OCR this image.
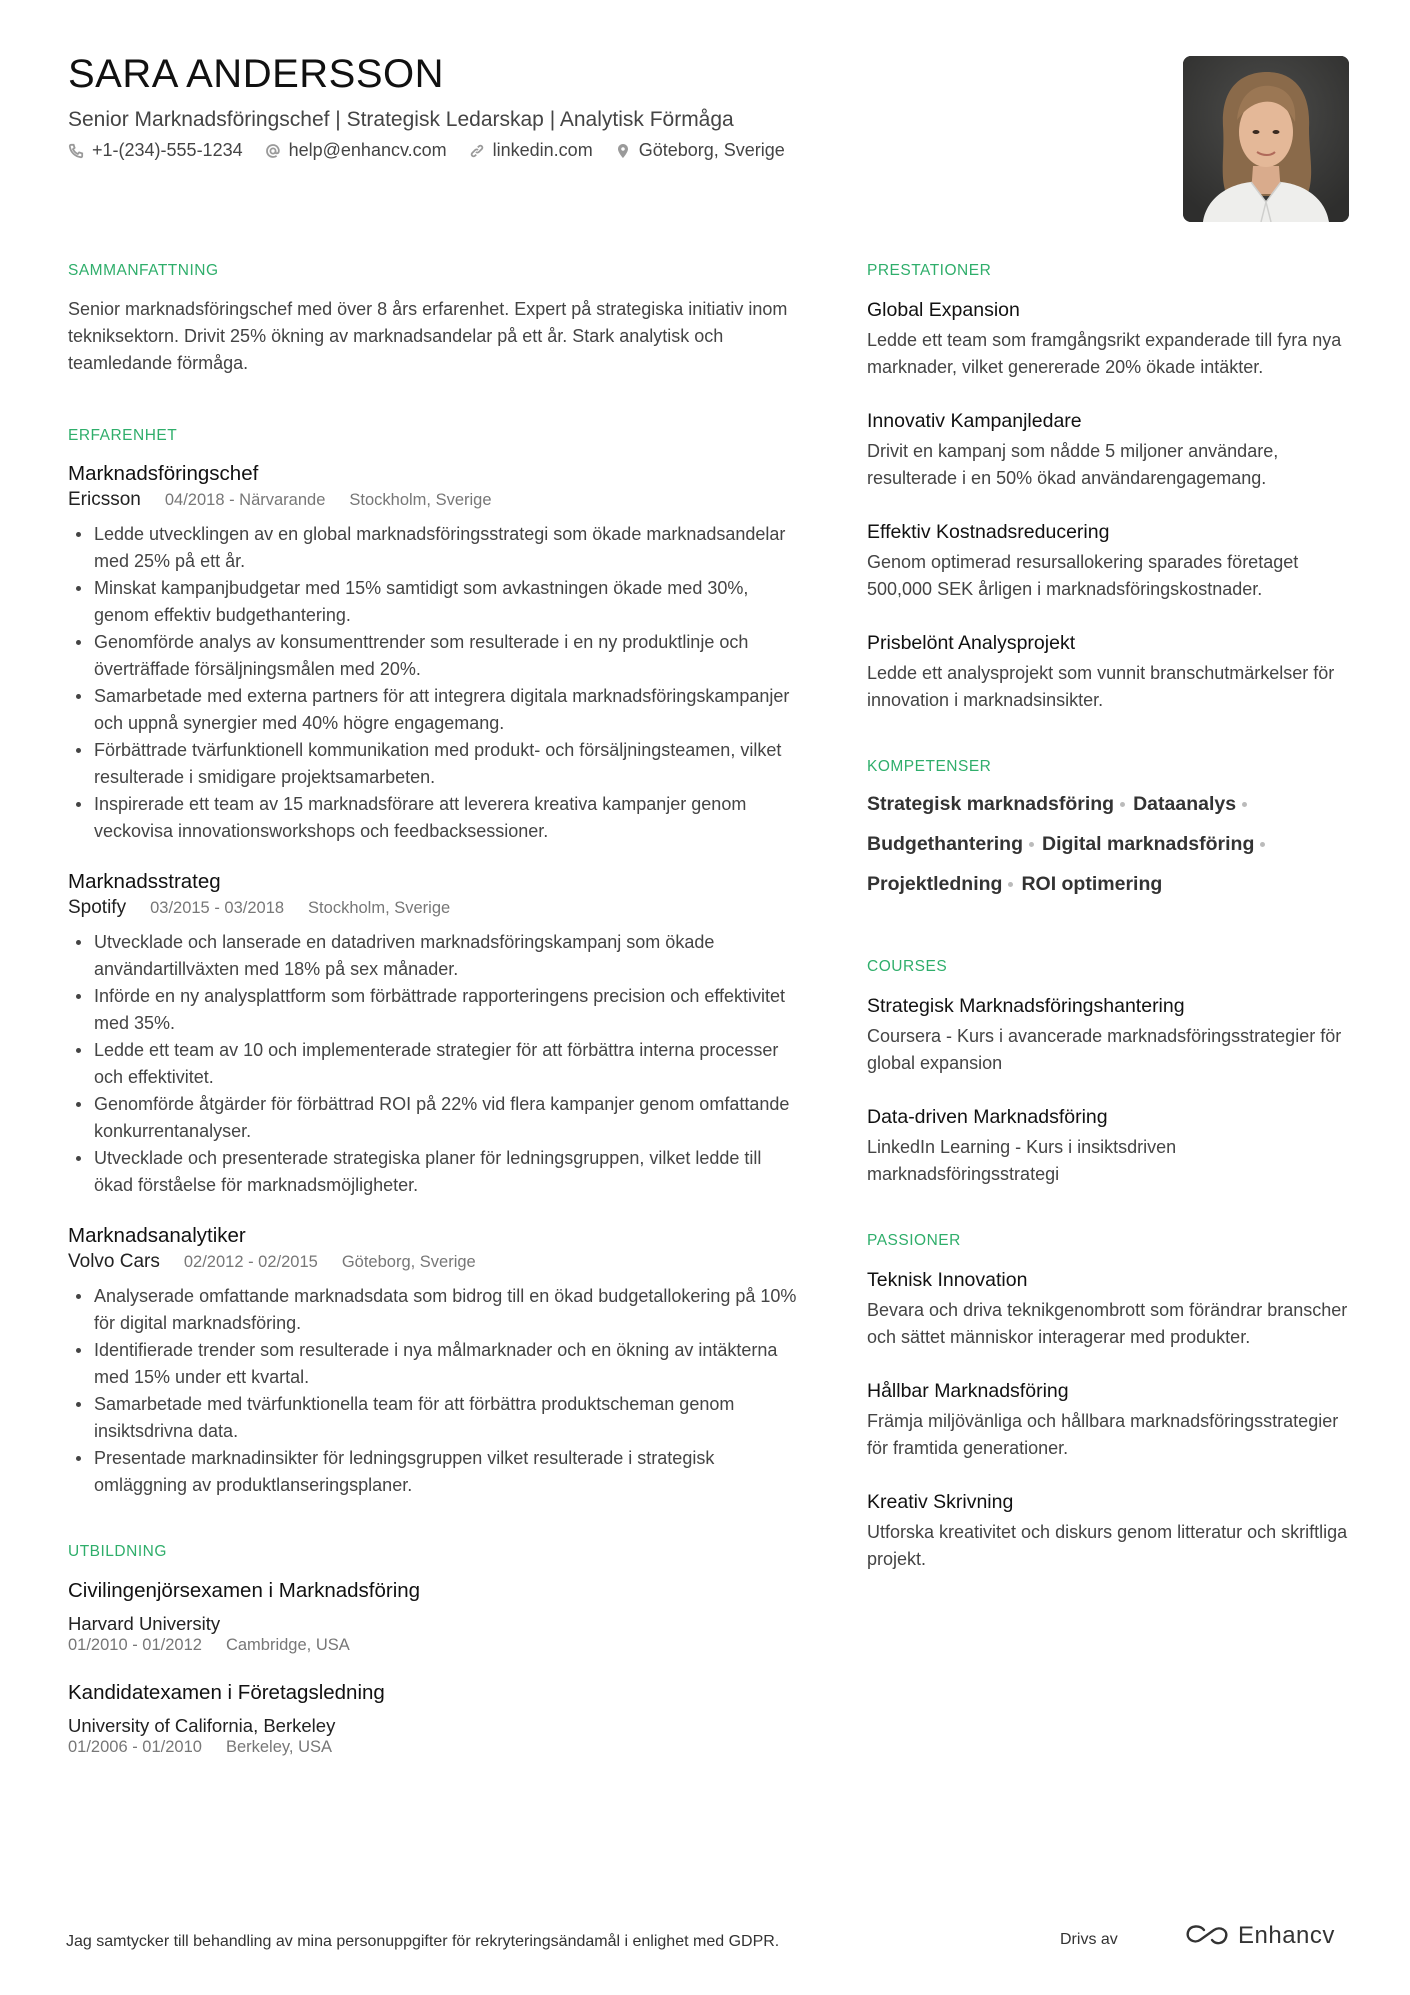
SARA ANDERSSON
Senior Marknadsföringschef | Strategisk Ledarskap | Analytisk Förmåga
+1-(234)-555-1234	help@enhancv.com	linkedin.com	Göteborg, Sverige
SAMMANFATTNING

Senior marknadsföringschef med över 8 års erfarenhet. Expert på strategiska initiativ inom tekniksektorn. Drivit 25% ökning av marknadsandelar på ett år. Stark analytisk och teamledande förmåga.

ERFARENHET
Marknadsföringschef
Ericsson 04/2018 - Närvarande Stockholm, Sverige
Ledde utvecklingen av en global marknadsföringsstrategi som ökade marknadsandelar med 25% på ett år.
Minskat kampanjbudgetar med 15% samtidigt som avkastningen ökade med 30%, genom effektiv budgethantering.
Genomförde analys av konsumenttrender som resulterade i en ny produktlinje och överträffade försäljningsmålen med 20%.
Samarbetade med externa partners för att integrera digitala marknadsföringskampanjer och uppnå synergier med 40% högre engagemang.
Förbättrade tvärfunktionell kommunikation med produkt- och försäljningsteamen, vilket resulterade i smidigare projektsamarbeten.
Inspirerade ett team av 15 marknadsförare att leverera kreativa kampanjer genom veckovisa innovationsworkshops och feedbacksessioner.
Marknadsstrateg
Spotify 03/2015 - 03/2018 Stockholm, Sverige
Utvecklade och lanserade en datadriven marknadsföringskampanj som ökade användartillväxten med 18% på sex månader.
Införde en ny analysplattform som förbättrade rapporteringens precision och effektivitet med 35%.
Ledde ett team av 10 och implementerade strategier för att förbättra interna processer och effektivitet.
Genomförde åtgärder för förbättrad ROI på 22% vid flera kampanjer genom omfattande konkurrentanalyser.
Utvecklade och presenterade strategiska planer för ledningsgruppen, vilket ledde till ökad förståelse för marknadsmöjligheter.
Marknadsanalytiker
Volvo Cars 02/2012 - 02/2015 Göteborg, Sverige
Analyserade omfattande marknadsdata som bidrog till en ökad budgetallokering på 10% för digital marknadsföring.
Identifierade trender som resulterade i nya målmarknader och en ökning av intäkterna med 15% under ett kvartal.
Samarbetade med tvärfunktionella team för att förbättra produktscheman genom insiktsdrivna data.
Presentade marknadinsikter för ledningsgruppen vilket resulterade i strategisk omläggning av produktlanseringsplaner.
UTBILDNING
Civilingenjörsexamen i Marknadsföring
Harvard University
01/2010 - 01/2012 Cambridge, USA
Kandidatexamen i Företagsledning
University of California, Berkeley
01/2006 - 01/2010 Berkeley, USA
PRESTATIONER
Global Expansion

Ledde ett team som framgångsrikt expanderade till fyra nya marknader, vilket genererade 20% ökade intäkter.

Innovativ Kampanjledare

Drivit en kampanj som nådde 5 miljoner användare, resulterade i en 50% ökad användarengagemang.

Effektiv Kostnadsreducering

Genom optimerad resursallokering sparades företaget 500,000 SEK årligen i marknadsföringskostnader.

Prisbelönt Analysprojekt

Ledde ett analysprojekt som vunnit branschutmärkelser för innovation i marknadsinsikter.

KOMPETENSER
Strategisk marknadsföring Dataanalys
Budgethantering Digital marknadsföring
Projektledning ROI optimering
COURSES
Strategisk Marknadsföringshantering

Coursera - Kurs i avancerade marknadsföringsstrategier för global expansion

Data-driven Marknadsföring

LinkedIn Learning - Kurs i insiktsdriven marknadsföringsstrategi

PASSIONER
Teknisk Innovation

Bevara och driva teknikgenombrott som förändrar branscher och sättet människor interagerar med produkter.

Hållbar Marknadsföring

Främja miljövänliga och hållbara marknadsföringsstrategier för framtida generationer.

Kreativ Skrivning

Utforska kreativitet och diskurs genom litteratur och skriftliga projekt.

Jag samtycker till behandling av mina personuppgifter för rekryteringsändamål i enlighet med GDPR.	Drivs av	Enhancv
